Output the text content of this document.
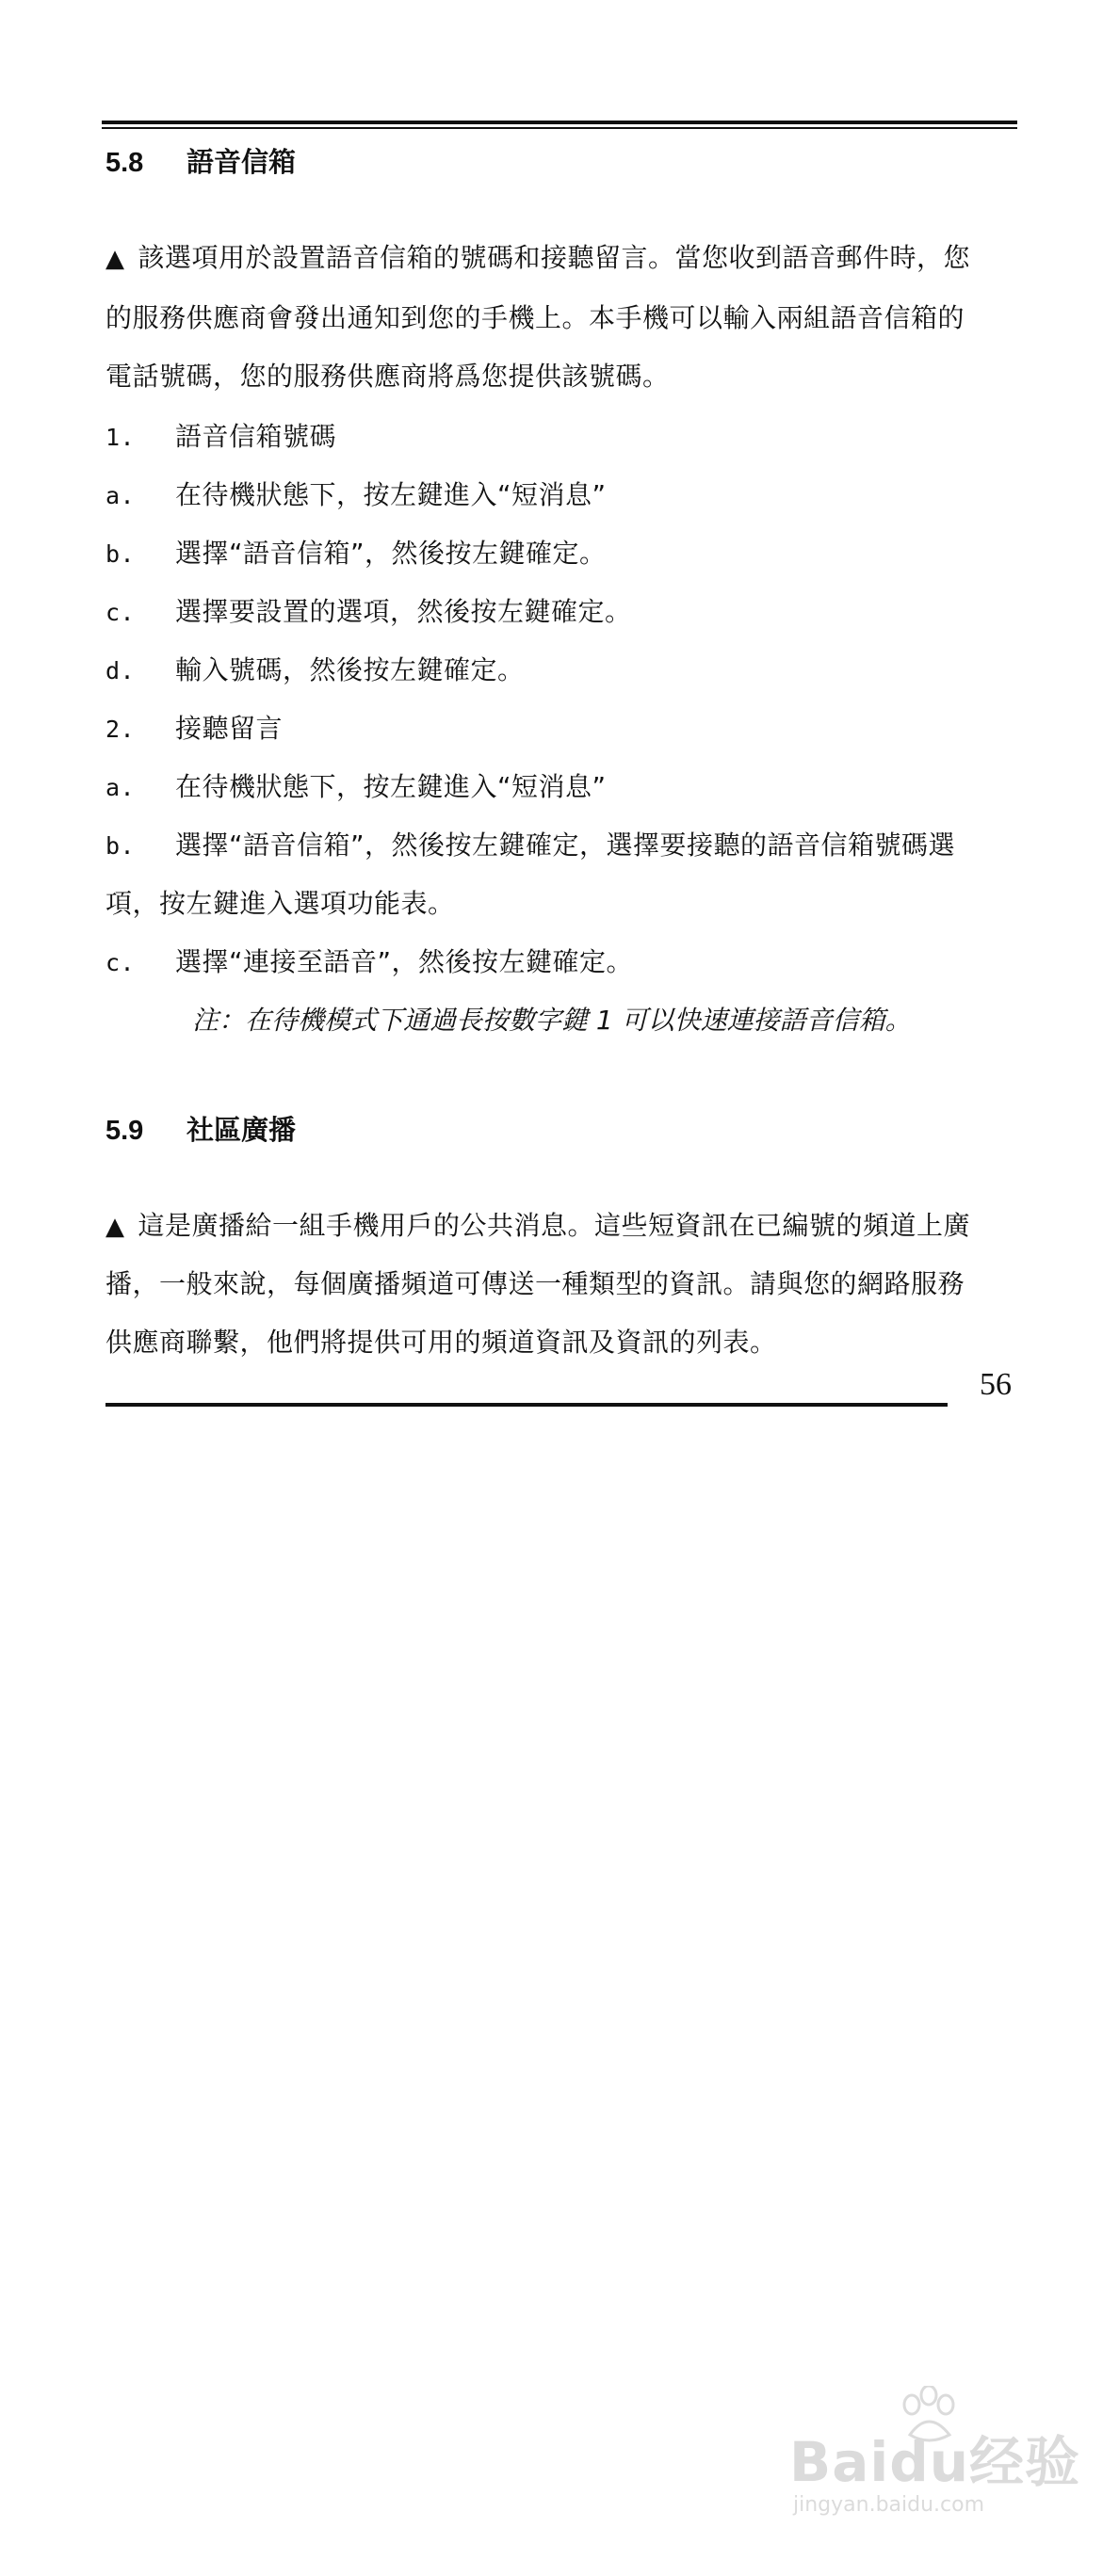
5.8 語音信箱
▲ 該選項用於設置語音信箱的號碼和接聽留言。當您收到語音郵件時，您
的服務供應商會發出通知到您的手機上。本手機可以輸入兩組語音信箱的
電話號碼，您的服務供應商將爲您提供該號碼。
1. 語音信箱號碼
a. 在待機狀態下，按左鍵進入“短消息”
b. 選擇“語音信箱”，然後按左鍵確定。
c. 選擇要設置的選項，然後按左鍵確定。
d. 輸入號碼，然後按左鍵確定。
2. 接聽留言
a. 在待機狀態下，按左鍵進入“短消息”
b. 選擇“語音信箱”，然後按左鍵確定，選擇要接聽的語音信箱號碼選
項，按左鍵進入選項功能表。
c. 選擇“連接至語音”，然後按左鍵確定。
注：在待機模式下通過長按數字鍵 1 可以快速連接語音信箱。
5.9 社區廣播
▲ 這是廣播給一組手機用戶的公共消息。這些短資訊在已編號的頻道上廣
播，一般來說，每個廣播頻道可傳送一種類型的資訊。請與您的網路服務
供應商聯繫，他們將提供可用的頻道資訊及資訊的列表。
56
Baidu经验
jingyan.baidu.com
